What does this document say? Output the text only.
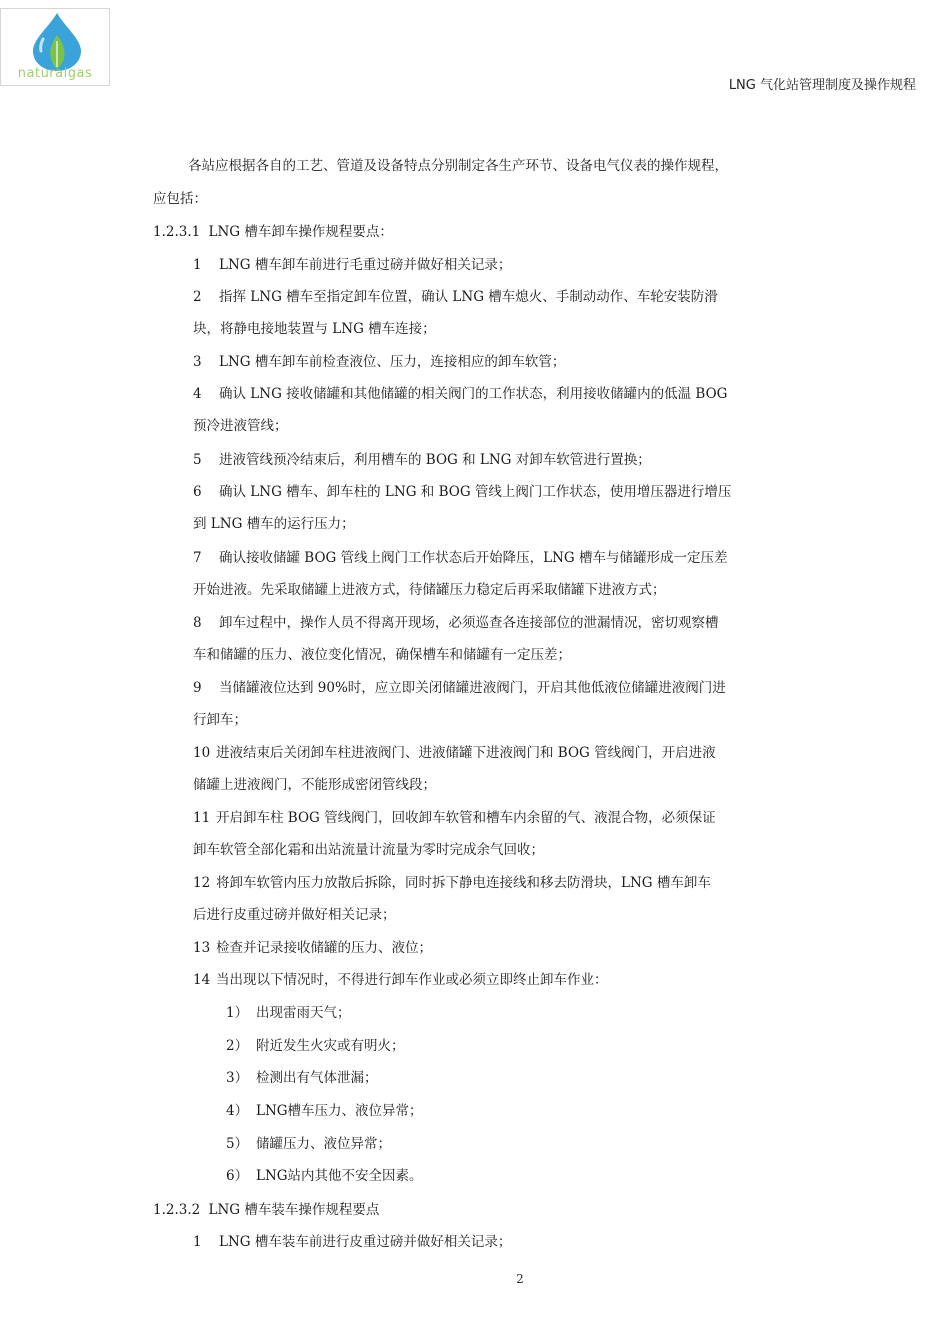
naturalgas
LNG 气化站管理制度及操作规程
各站应根据各自的工艺、管道及设备特点分别制定各生产环节、设备电气仪表的操作规程，
应包括：
1.2.3.1 LNG 槽车卸车操作规程要点：
1 LNG 槽车卸车前进行毛重过磅并做好相关记录；
2 指挥 LNG 槽车至指定卸车位置，确认 LNG 槽车熄火、手制动动作、车轮安装防滑
块，将静电接地装置与 LNG 槽车连接；
3 LNG 槽车卸车前检查液位、压力，连接相应的卸车软管；
4 确认 LNG 接收储罐和其他储罐的相关阀门的工作状态，利用接收储罐内的低温 BOG
预冷进液管线；
5 进液管线预冷结束后，利用槽车的 BOG 和 LNG 对卸车软管进行置换；
6 确认 LNG 槽车、卸车柱的 LNG 和 BOG 管线上阀门工作状态，使用增压器进行增压
到 LNG 槽车的运行压力；
7 确认接收储罐 BOG 管线上阀门工作状态后开始降压，LNG 槽车与储罐形成一定压差
开始进液。先采取储罐上进液方式，待储罐压力稳定后再采取储罐下进液方式；
8 卸车过程中，操作人员不得离开现场，必须巡查各连接部位的泄漏情况，密切观察槽
车和储罐的压力、液位变化情况，确保槽车和储罐有一定压差；
9 当储罐液位达到 90%时，应立即关闭储罐进液阀门，开启其他低液位储罐进液阀门进
行卸车；
10 进液结束后关闭卸车柱进液阀门、进液储罐下进液阀门和 BOG 管线阀门，开启进液
储罐上进液阀门，不能形成密闭管线段；
11 开启卸车柱 BOG 管线阀门，回收卸车软管和槽车内余留的气、液混合物，必须保证
卸车软管全部化霜和出站流量计流量为零时完成余气回收；
12 将卸车软管内压力放散后拆除，同时拆下静电连接线和移去防滑块，LNG 槽车卸车
后进行皮重过磅并做好相关记录；
13 检查并记录接收储罐的压力、液位；
14 当出现以下情况时，不得进行卸车作业或必须立即终止卸车作业：
1） 出现雷雨天气；
2） 附近发生火灾或有明火；
3） 检测出有气体泄漏；
4） LNG槽车压力、液位异常；
5） 储罐压力、液位异常；
6） LNG站内其他不安全因素。
1.2.3.2 LNG 槽车装车操作规程要点
1 LNG 槽车装车前进行皮重过磅并做好相关记录；
2
